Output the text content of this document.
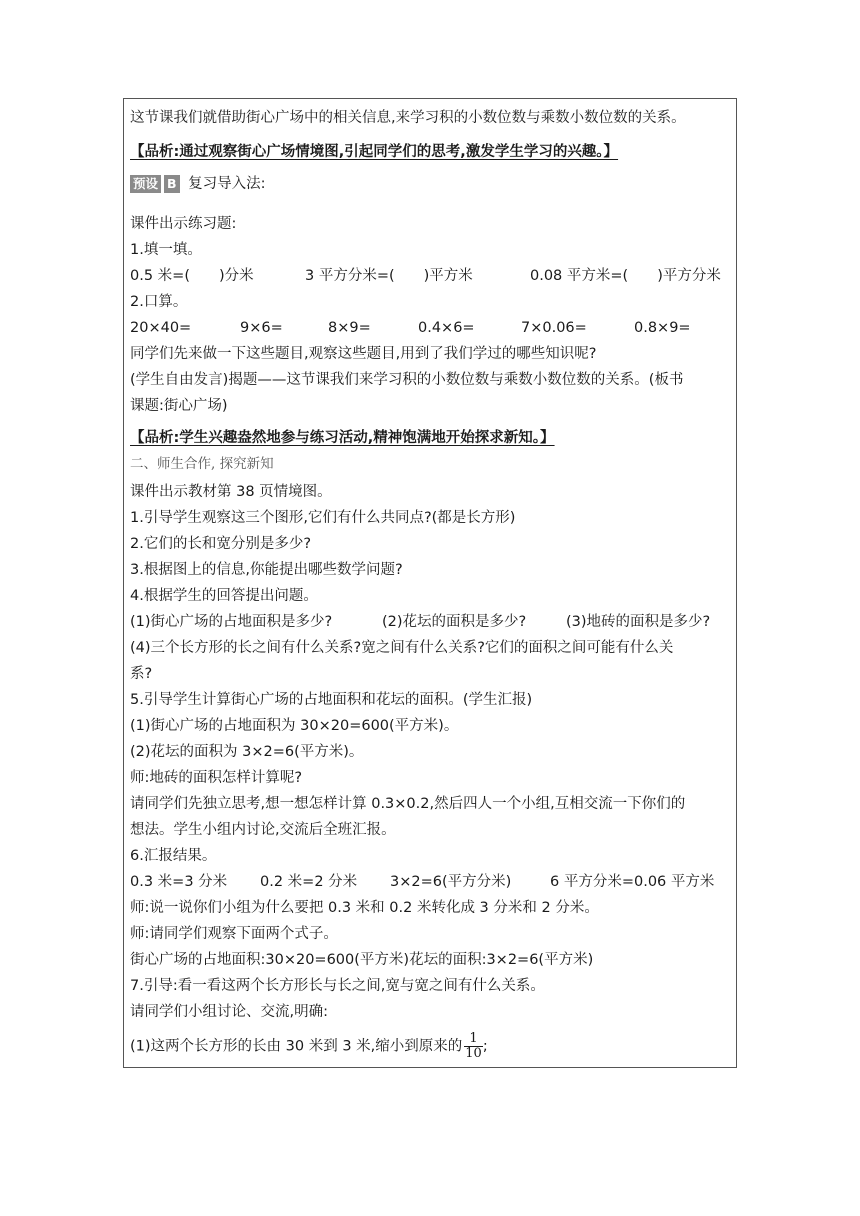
这节课我们就借助街心广场中的相关信息,来学习积的小数位数与乘数小数位数的关系。
【品析:通过观察街心广场情境图,引起同学们的思考,激发学生学习的兴趣。】
预设 B 复习导入法:
课件出示练习题:
1.填一填。
0.5 米=(　　)分米	3 平方分米=(　　)平方米	0.08 平方米=(　　)平方分米
2.口算。
20×40=	9×6=	8×9=	0.4×6=	7×0.06=	0.8×9=
同学们先来做一下这些题目,观察这些题目,用到了我们学过的哪些知识呢?
(学生自由发言)揭题——这节课我们来学习积的小数位数与乘数小数位数的关系。(板书
课题:街心广场)
【品析:学生兴趣盎然地参与练习活动,精神饱满地开始探求新知。】
二、师生合作, 探究新知
课件出示教材第 38 页情境图。
1.引导学生观察这三个图形,它们有什么共同点?(都是长方形)
2.它们的长和宽分别是多少?
3.根据图上的信息,你能提出哪些数学问题?
4.根据学生的回答提出问题。
(1)街心广场的占地面积是多少?	(2)花坛的面积是多少?	(3)地砖的面积是多少?
(4)三个长方形的长之间有什么关系?宽之间有什么关系?它们的面积之间可能有什么关
系?
5.引导学生计算街心广场的占地面积和花坛的面积。(学生汇报)
(1)街心广场的占地面积为 30×20=600(平方米)。
(2)花坛的面积为 3×2=6(平方米)。
师:地砖的面积怎样计算呢?
请同学们先独立思考,想一想怎样计算 0.3×0.2,然后四人一个小组,互相交流一下你们的
想法。学生小组内讨论,交流后全班汇报。
6.汇报结果。
0.3 米=3 分米 0.2 米=2 分米 3×2=6(平方分米)	6 平方分米=0.06 平方米
师:说一说你们小组为什么要把 0.3 米和 0.2 米转化成 3 分米和 2 分米。
师:请同学们观察下面两个式子。
街心广场的占地面积:30×20=600(平方米)花坛的面积:3×2=6(平方米)
7.引导:看一看这两个长方形长与长之间,宽与宽之间有什么关系。
请同学们小组讨论、交流,明确:
(1)这两个长方形的长由 30 米到 3 米,缩小到原来的 $\frac{1}{10}$ ;
